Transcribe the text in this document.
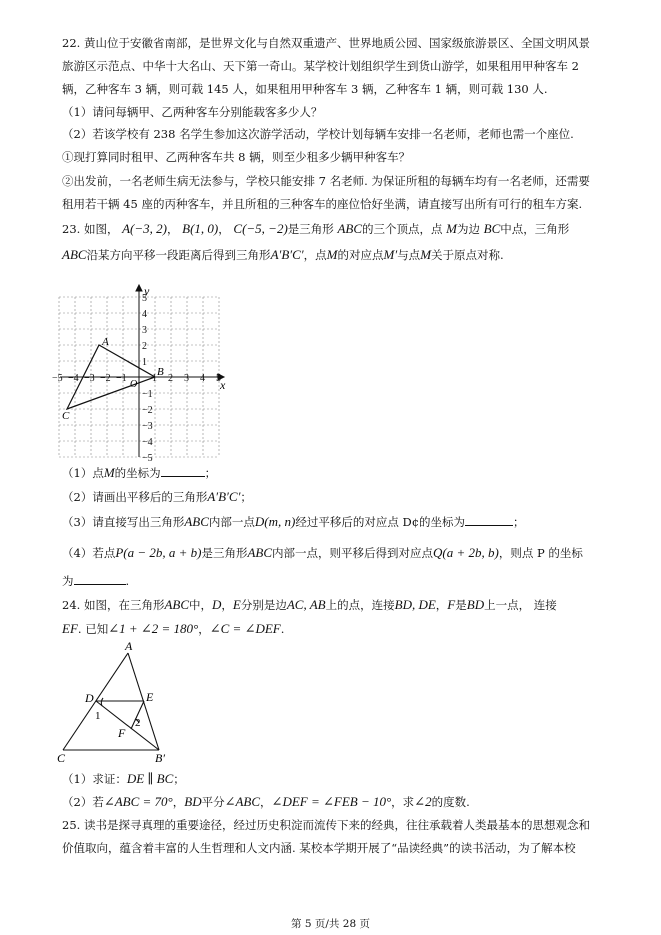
22. 黄山位于安徽省南部，是世界文化与自然双重遗产、世界地质公园、国家级旅游景区、全国文明风景
旅游区示范点、中华十大名山、天下第一奇山。某学校计划组织学生到货山游学，如果租用甲种客车 2
辆，乙种客车 3 辆，则可载 145 人，如果租用甲种客车 3 辆，乙种客车 1 辆，则可载 130 人.
（1）请问每辆甲、乙两种客车分别能载客多少人？
（2）若该学校有 238 名学生参加这次游学活动，学校计划每辆车安排一名老师，老师也需一个座位.
①现打算同时租甲、乙两种客车共 8 辆，则至少租多少辆甲种客车？
②出发前，一名老师生病无法参与，学校只能安排 7 名老师. 为保证所租的每辆车均有一名老师，还需要
租用若干辆 45 座的丙种客车，并且所租的三种客车的座位恰好坐满，请直接写出所有可行的租车方案.
23. 如图， A(−3, 2)， B(1, 0)， C(−5, −2)是三角形 ABC的三个顶点，点 M为边 BC中点，三角形
ABC沿某方向平移一段距离后得到三角形A′B′C′，点M的对应点M′与点M关于原点对称.
−5 −4 −3 −2 −1	1 2 3 4 5
5
4
3
2
1
−1
−2
−3
−4
−5
x
y
O
A
B
C
（1）点M的坐标为	；
（2）请画出平移后的三角形A′B′C′；
（3）请直接写出三角形ABC内部一点D(m, n)经过平移后的对应点 D¢的坐标为	；
（4）若点P(a − 2b, a + b)是三角形ABC内部一点，则平移后得到对应点Q(a + 2b, b)，则点 P 的坐标
为	.
24. 如图，在三角形ABC中，D，E分别是边AC, AB上的点，连接BD, DE，F是BD上一点， 连接
EF. 已知∠1 + ∠2 = 180°，∠C = ∠DEF.
A
D	E
F
C	B′
1
2
（1）求证：DE ∥ BC；
（2）若∠ABC = 70°，BD平分∠ABC，∠DEF = ∠FEB − 10°，求∠2的度数.
25. 读书是探寻真理的重要途径，经过历史积淀而流传下来的经典，往往承载着人类最基本的思想观念和
价值取向，蕴含着丰富的人生哲理和人文内涵. 某校本学期开展了“品读经典”的读书活动，为了解本校
第 5 页/共 28 页
